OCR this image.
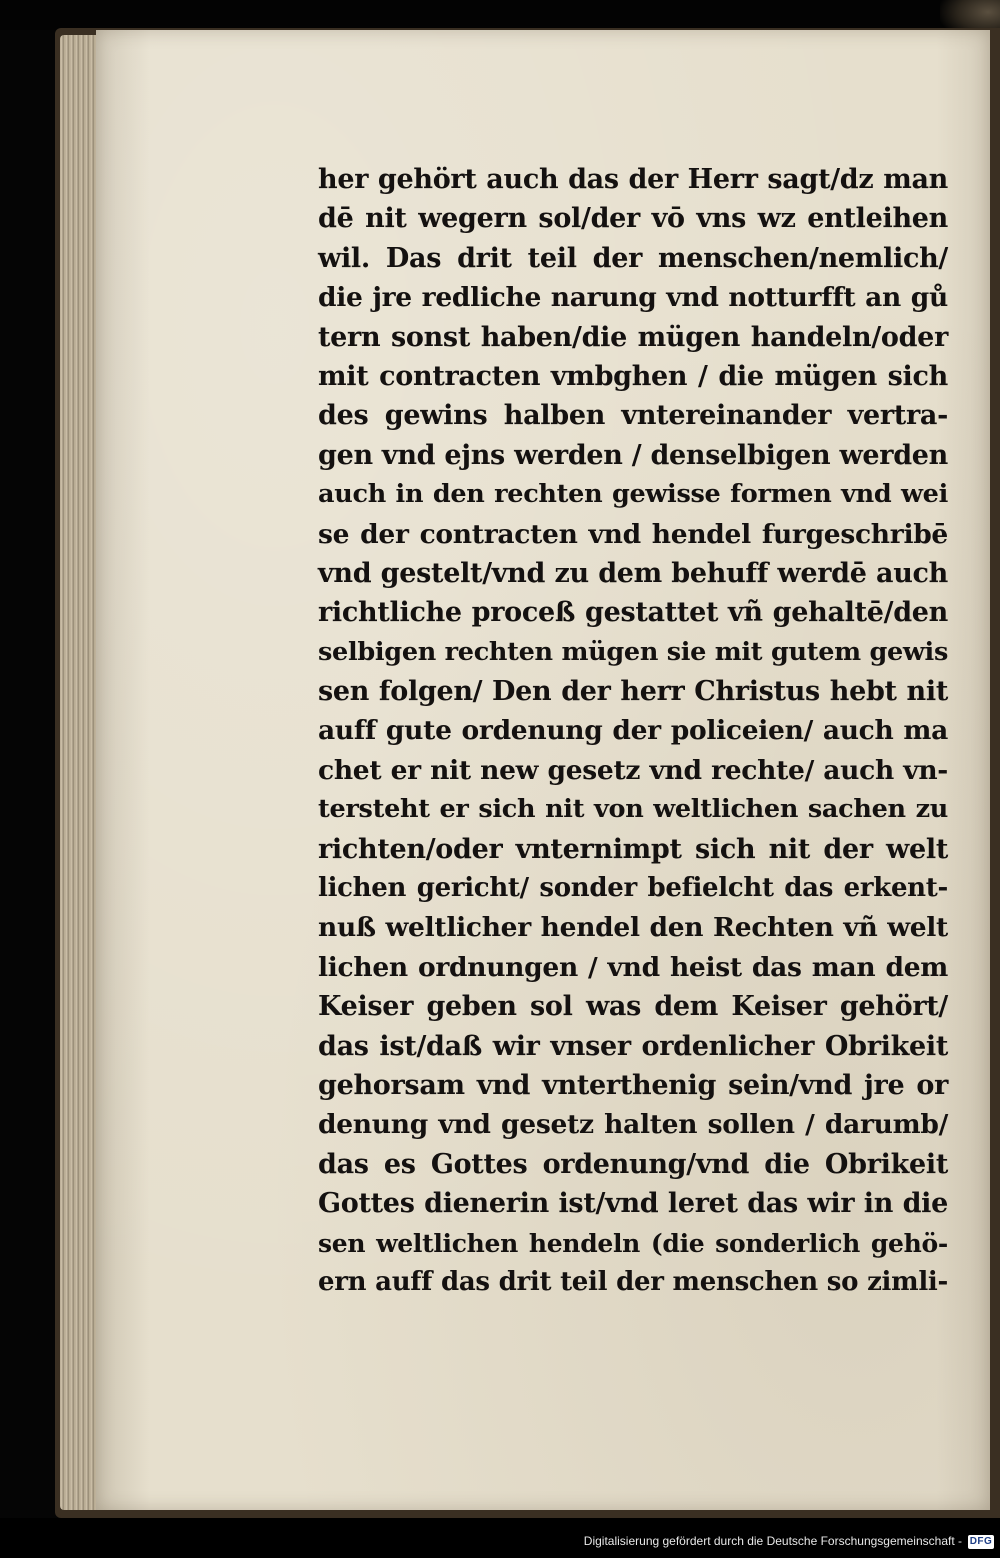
her gehört auch das der Herr sagt/dz man
dē nit wegern sol/der vō vns wz entleihen
wil. Das drit teil der menschen/nemlich/
die jre redliche narung vnd notturfft an gů
tern sonst haben/die mügen handeln/oder
mit contracten vmbghen / die mügen sich
des gewins halben vntereinander vertra-
gen vnd ejns werden / denselbigen werden
auch in den rechten gewisse formen vnd wei
se der contracten vnd hendel furgeschribē
vnd gestelt/vnd zu dem behuff werdē auch
richtliche proceß gestattet vñ gehaltē/den
selbigen rechten mügen sie mit gutem gewis
sen folgen/ Den der herr Christus hebt nit
auff gute ordenung der policeien/ auch ma
chet er nit new gesetz vnd rechte/ auch vn-
tersteht er sich nit von weltlichen sachen zu
richten/oder vnternimpt sich nit der welt
lichen gericht/ sonder befielcht das erkent-
nuß weltlicher hendel den Rechten vñ welt
lichen ordnungen / vnd heist das man dem
Keiser geben sol was dem Keiser gehört/
das ist/daß wir vnser ordenlicher Obrikeit
gehorsam vnd vnterthenig sein/vnd jre or
denung vnd gesetz halten sollen / darumb/
das es Gottes ordenung/vnd die Obrikeit
Gottes dienerin ist/vnd leret das wir in die
sen weltlichen hendeln (die sonderlich gehö-
ern auff das drit teil der menschen so zimli-
Digitalisierung gefördert durch die Deutsche Forschungsgemeinschaft - DFG
